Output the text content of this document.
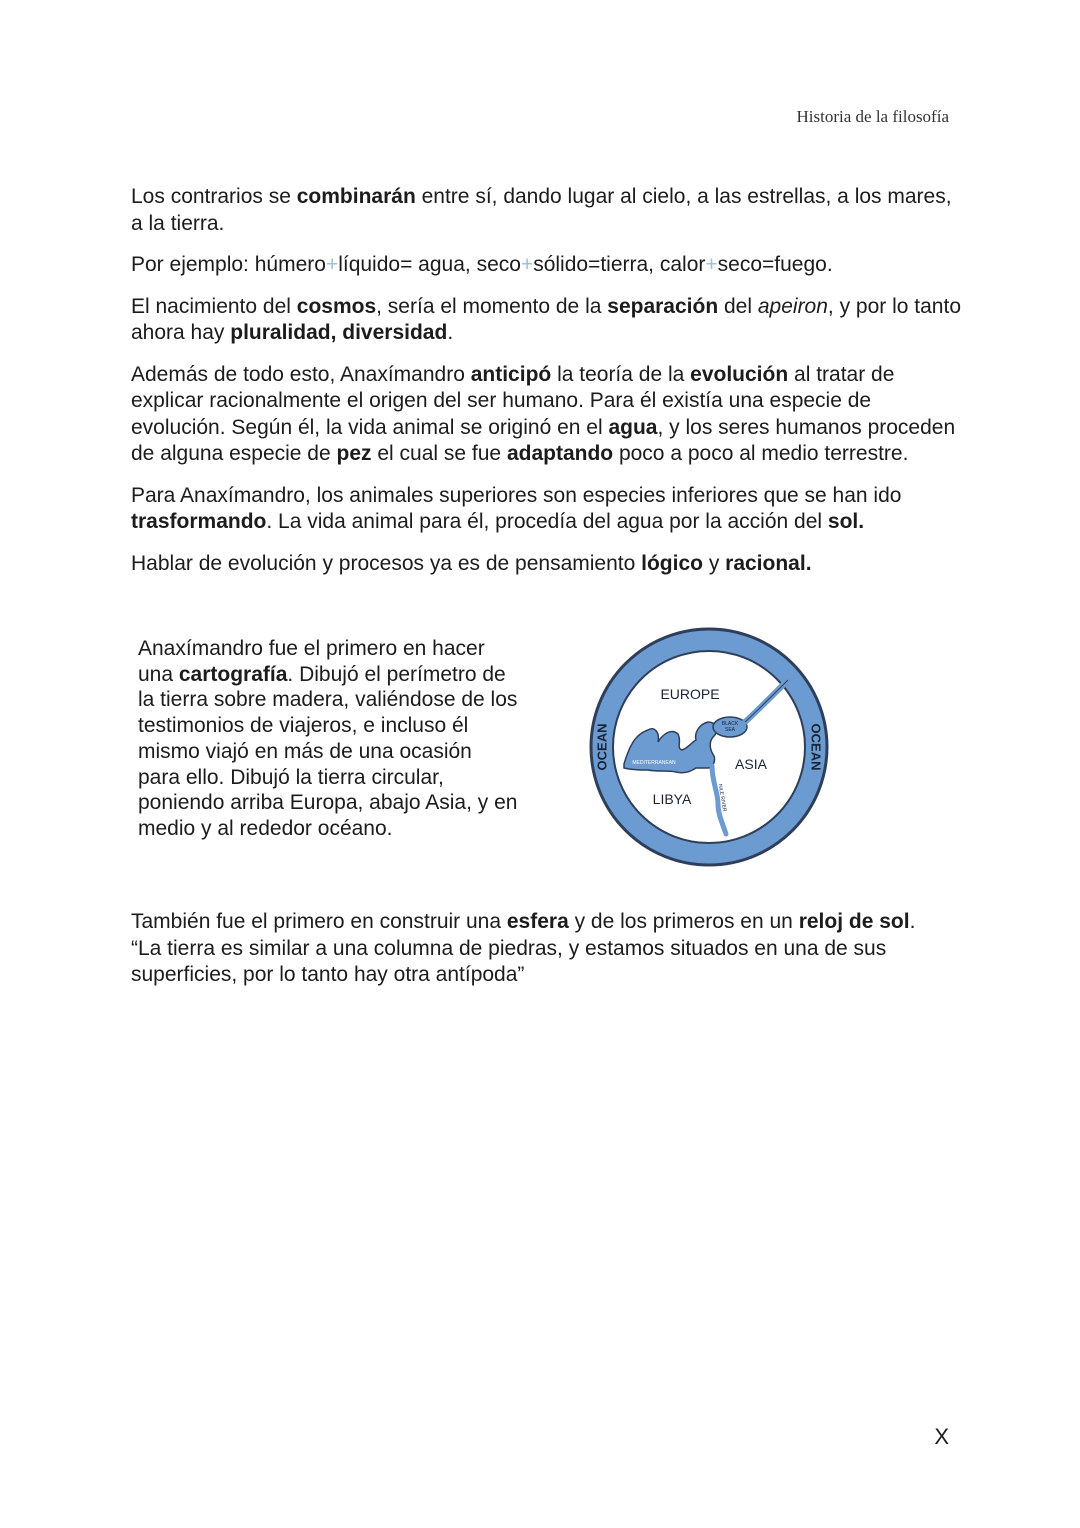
Historia de la filosofía

Los contrarios se combinarán entre sí, dando lugar al cielo, a las estrellas, a los mares, a la tierra.

Por ejemplo: húmero+líquido= agua, seco+sólido=tierra, calor+seco=fuego.

El nacimiento del cosmos, sería el momento de la separación del apeiron, y por lo tanto ahora hay pluralidad, diversidad.

Además de todo esto, Anaxímandro anticipó la teoría de la evolución al tratar de explicar racionalmente el origen del ser humano. Para él existía una especie de evolución. Según él, la vida animal se originó en el agua, y los seres humanos proceden de alguna especie de pez el cual se fue adaptando poco a poco al medio terrestre.

Para Anaxímandro, los animales superiores son especies inferiores que se han ido trasformando. La vida animal para él, procedía del agua por la acción del sol.

Hablar de evolución y procesos ya es de pensamiento lógico y racional.

Anaxímandro fue el primero en hacer una cartografía. Dibujó el perímetro de la tierra sobre madera, valiéndose de los testimonios de viajeros, e incluso él mismo viajó en más de una ocasión para ello. Dibujó la tierra circular, poniendo arriba Europa, abajo Asia, y en medio y al rededor océano.
OCEAN	OCEAN
EUROPE
ASIA
LIBYA
MEDITERRANEAN
BLACK
SEA
PHASIS RIVER
NILE RIVER
También fue el primero en construir una esfera y de los primeros en un reloj de sol.
“La tierra es similar a una columna de piedras, y estamos situados en una de sus superficies, por lo tanto hay otra antípoda”
X
